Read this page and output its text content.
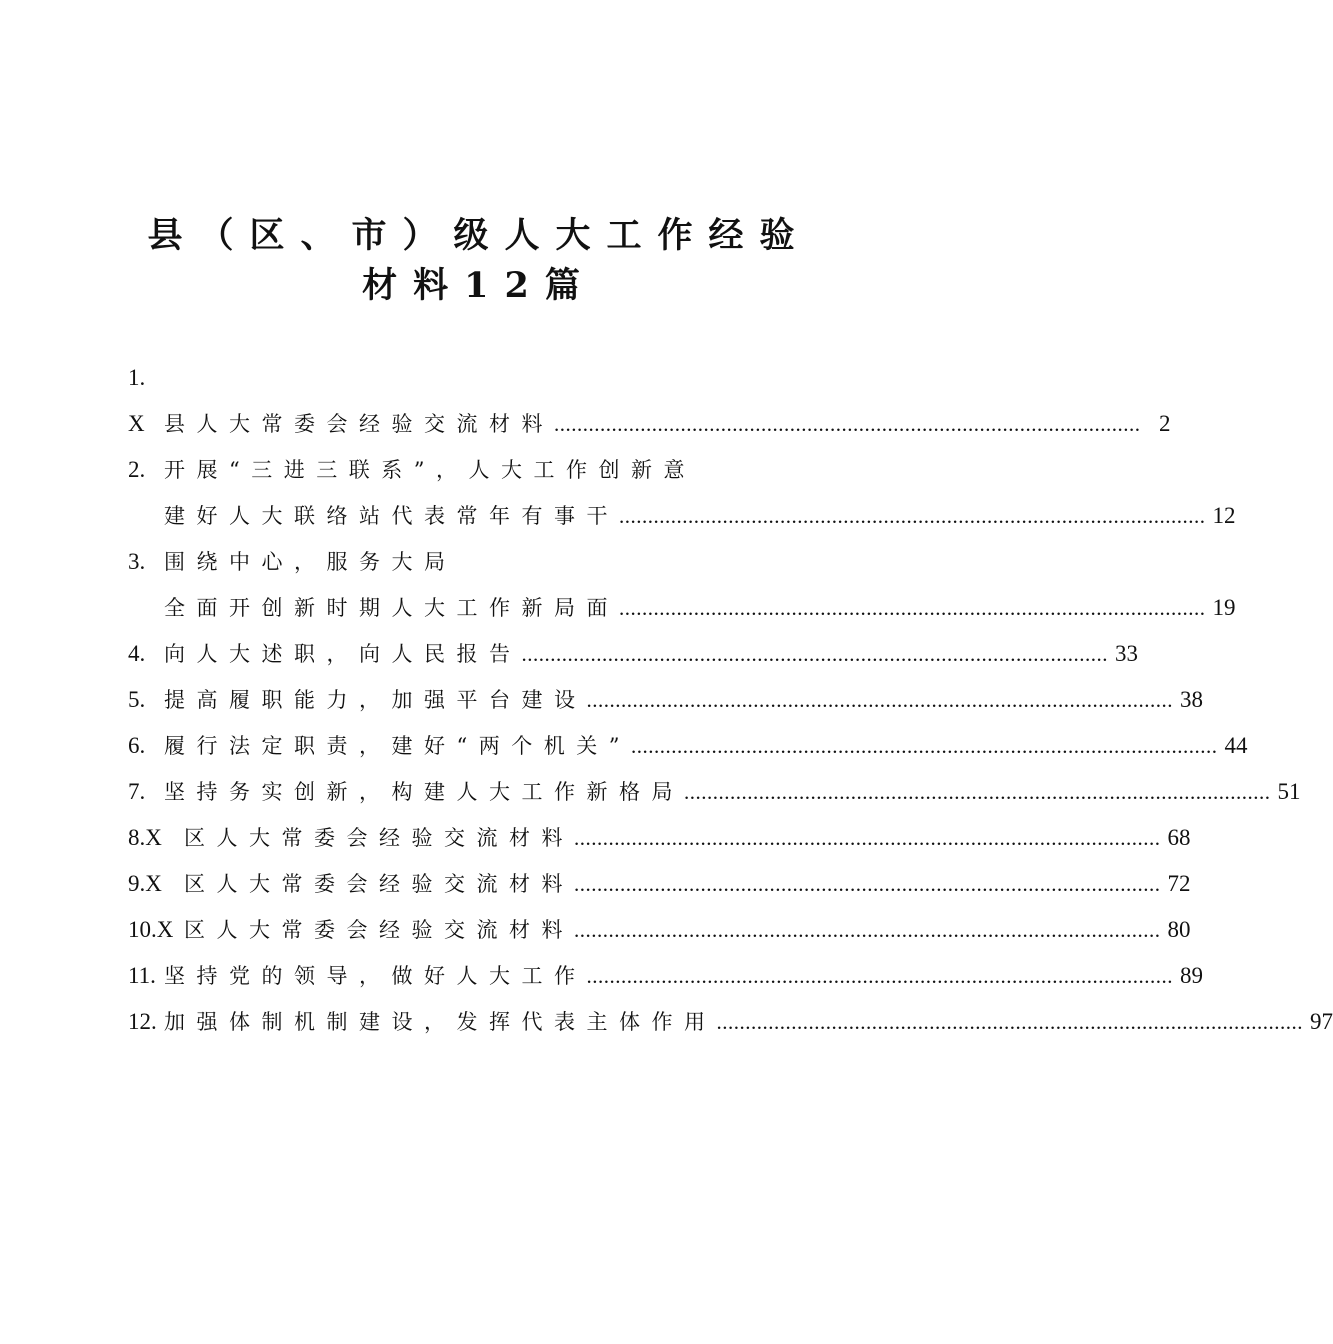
县（区、市）级人大工作经验
材料12篇
1.
X 县人大常委会经验交流材料 ...................................................................................................... 2
2. 开展“三进三联系”，人大工作创新意
建好人大联络站代表常年有事干 ...................................................................................................... 12
3. 围绕中心，服务大局
全面开创新时期人大工作新局面 ...................................................................................................... 19
4. 向人大述职，向人民报告 ...................................................................................................... 33
5. 提高履职能力，加强平台建设 ...................................................................................................... 38
6. 履行法定职责，建好“两个机关” ...................................................................................................... 44
7. 坚持务实创新，构建人大工作新格局 ...................................................................................................... 51
8.X	区人大常委会经验交流材料 ...................................................................................................... 68
9.X	区人大常委会经验交流材料 ...................................................................................................... 72
10.X 区人大常委会经验交流材料 ...................................................................................................... 80
11. 坚持党的领导，做好人大工作 ...................................................................................................... 89
12. 加强体制机制建设，发挥代表主体作用 ...................................................................................................... 97
